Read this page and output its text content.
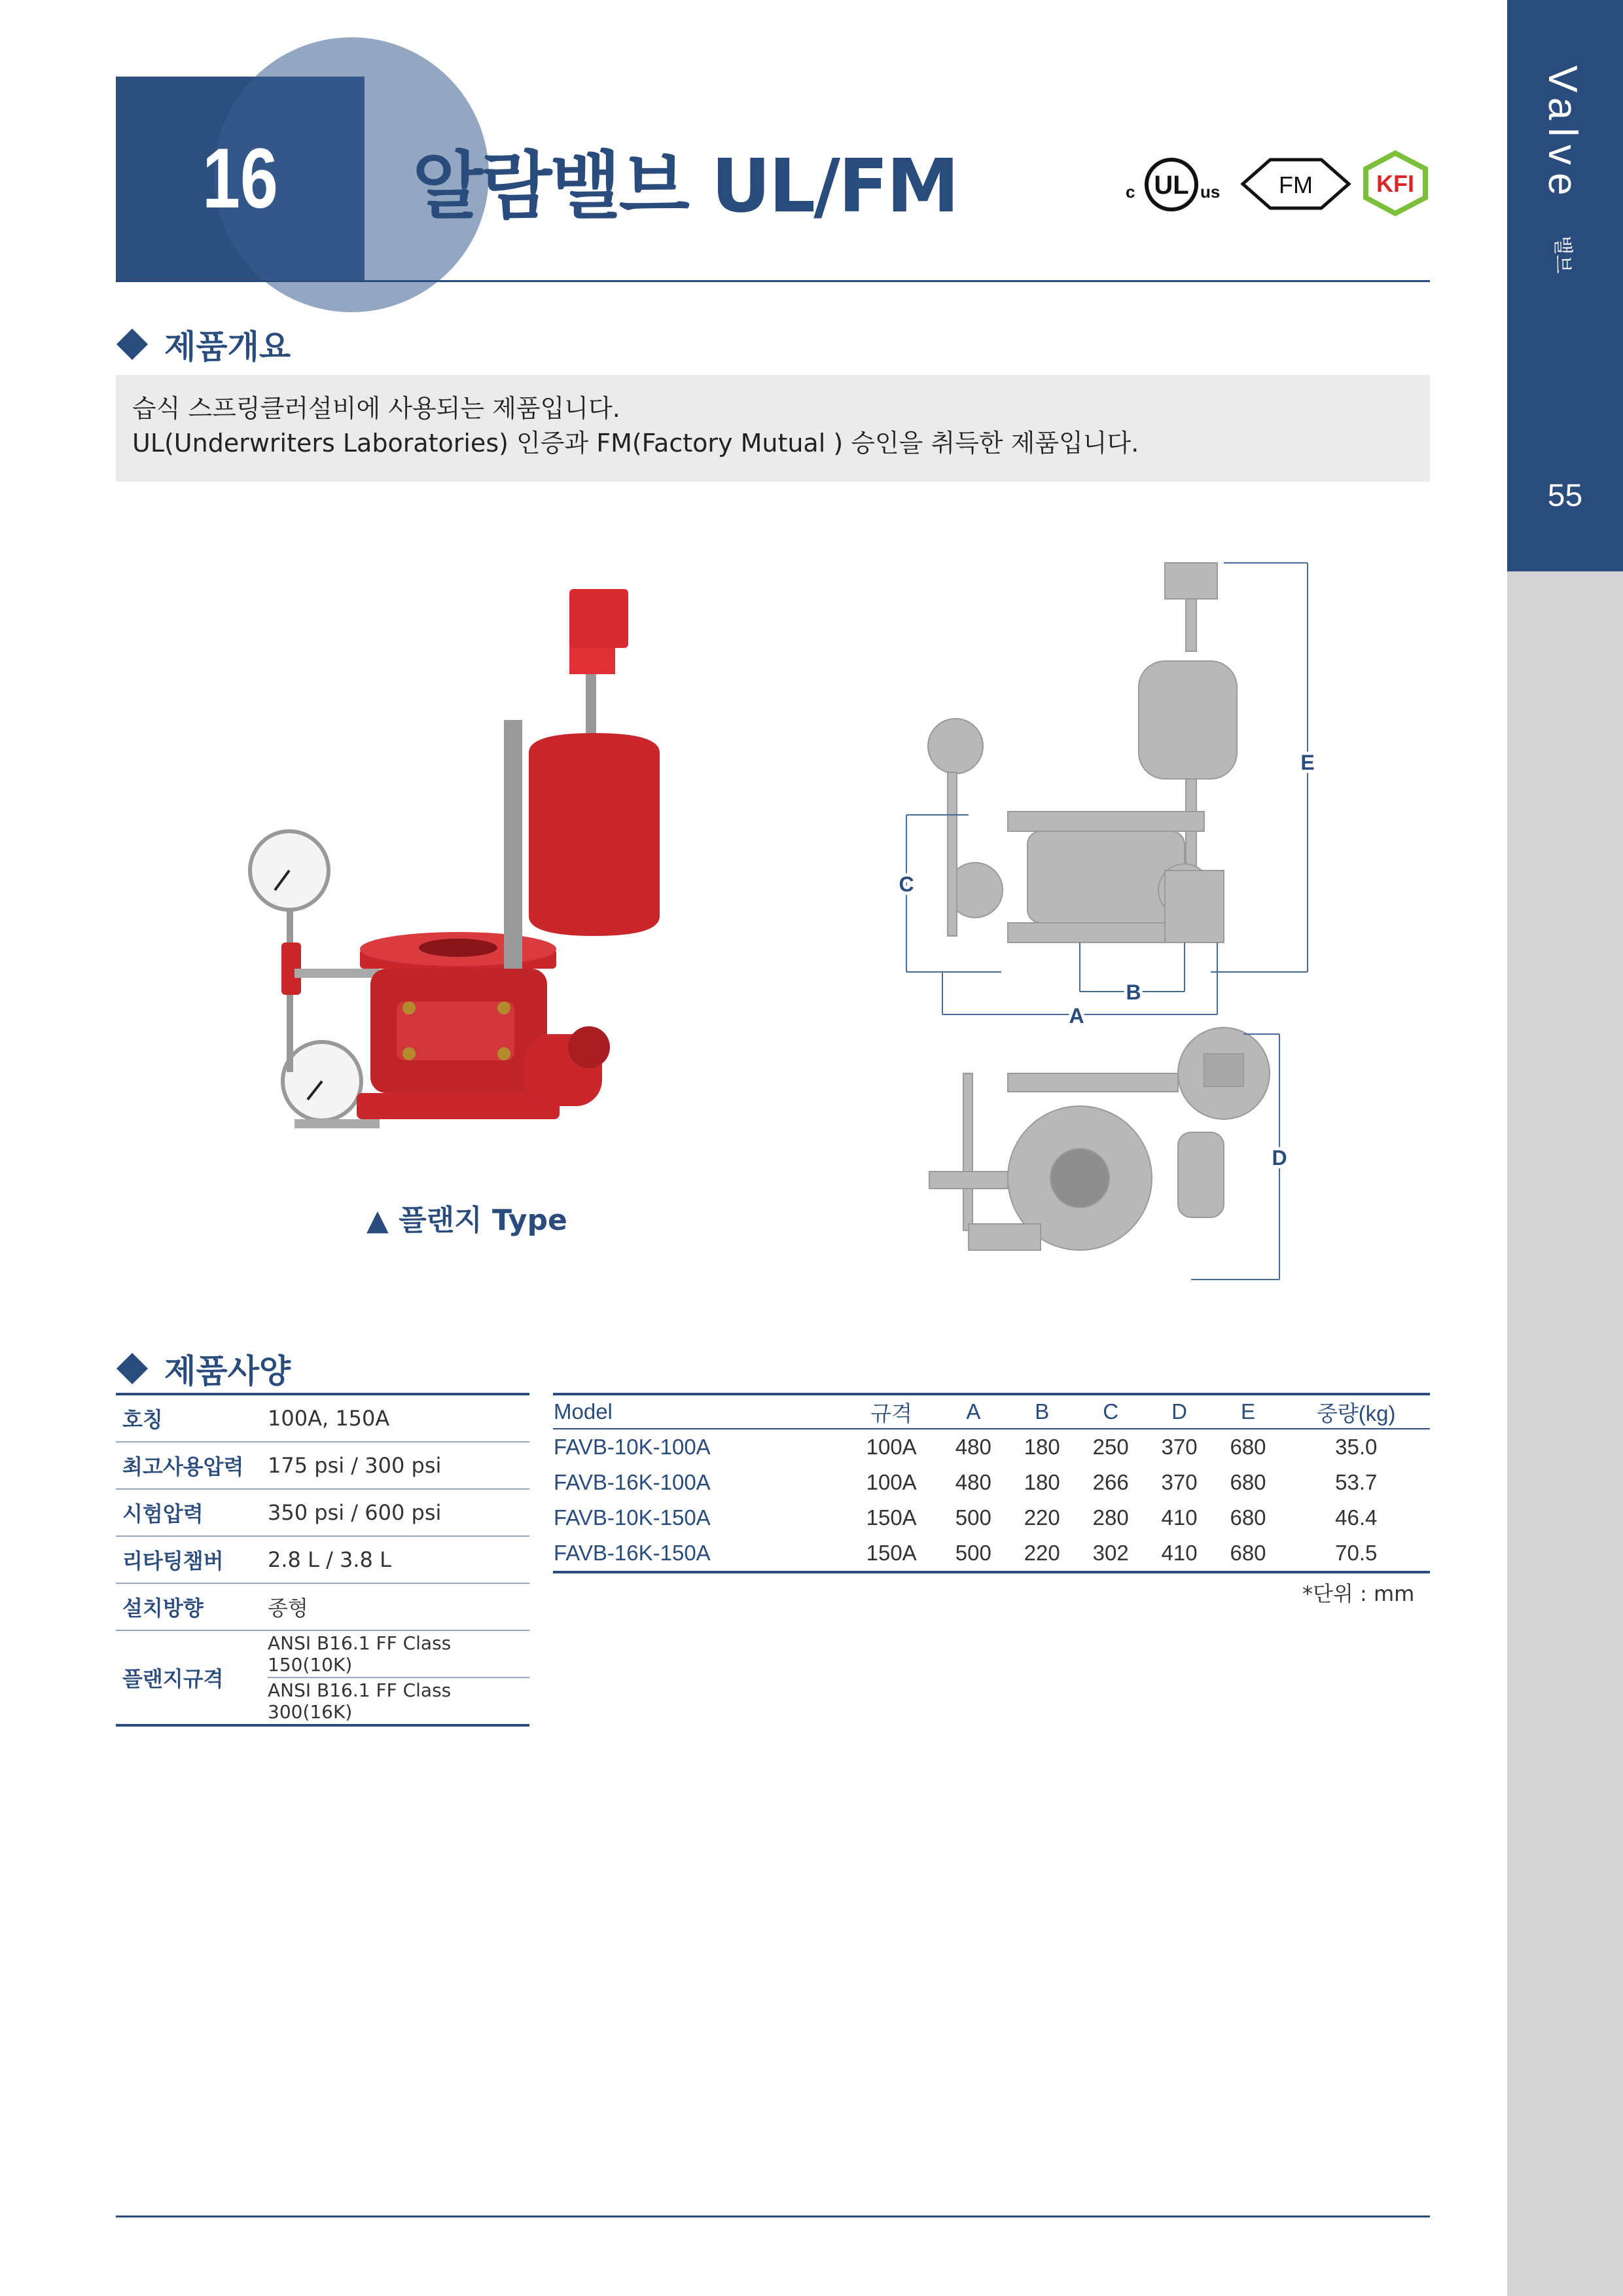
Valve
밸브
55
16	알람밸브 UL/FM	c UL us FM	KFI
제품개요

습식 스프링클러설비에 사용되는 제품입니다.

UL(Underwriters Laboratories) 인증과 FM(Factory Mutual ) 승인을 취득한 제품입니다.

▲ 플랜지 Type
E
C
B
A
D
제품사양
호칭	100A, 150A
최고사용압력	175 psi / 300 psi
시험압력	350 psi / 600 psi
리타팅챔버	2.8 L / 3.8 L
설치방향	종형
플랜지규격	ANSI B16.1 FF Class 150(10K)
	ANSI B16.1 FF Class 300(16K)
Model	규격	A	B	C	D	E	중량(kg)
FAVB-10K-100A	100A	480	180	250	370	680	35.0
FAVB-16K-100A	100A	480	180	266	370	680	53.7
FAVB-10K-150A	150A	500	220	280	410	680	46.4
FAVB-16K-150A	150A	500	220	302	410	680	70.5
*단위 : mm
